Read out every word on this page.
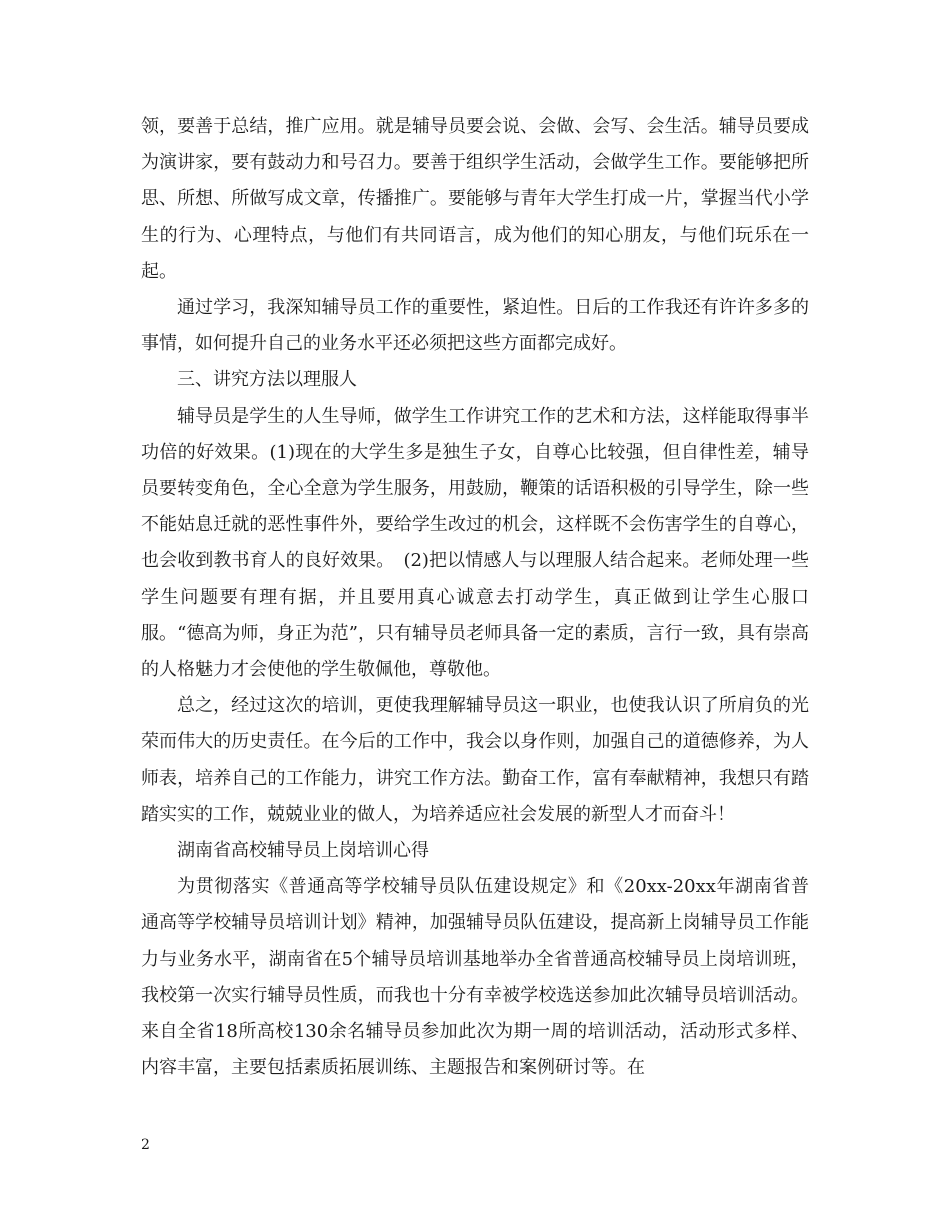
领，要善于总结，推广应用。就是辅导员要会说、会做、会写、会生活。辅导员要成为演讲家，要有鼓动力和号召力。要善于组织学生活动，会做学生工作。要能够把所思、所想、所做写成文章，传播推广。要能够与青年大学生打成一片，掌握当代小学生的行为、心理特点，与他们有共同语言，成为他们的知心朋友，与他们玩乐在一起。

通过学习，我深知辅导员工作的重要性，紧迫性。日后的工作我还有许许多多的事情，如何提升自己的业务水平还必须把这些方面都完成好。

三、讲究方法以理服人

辅导员是学生的人生导师，做学生工作讲究工作的艺术和方法，这样能取得事半功倍的好效果。(1)现在的大学生多是独生子女，自尊心比较强，但自律性差，辅导员要转变角色，全心全意为学生服务，用鼓励，鞭策的话语积极的引导学生，除一些不能姑息迁就的恶性事件外，要给学生改过的机会，这样既不会伤害学生的自尊心，也会收到教书育人的良好效果。　(2)把以情感人与以理服人结合起来。老师处理一些学生问题要有理有据，并且要用真心诚意去打动学生，真正做到让学生心服口服。“德高为师，身正为范”，只有辅导员老师具备一定的素质，言行一致，具有崇高的人格魅力才会使他的学生敬佩他，尊敬他。

总之，经过这次的培训，更使我理解辅导员这一职业，也使我认识了所肩负的光荣而伟大的历史责任。在今后的工作中，我会以身作则，加强自己的道德修养，为人师表，培养自己的工作能力，讲究工作方法。勤奋工作，富有奉献精神，我想只有踏踏实实的工作，兢兢业业的做人，为培养适应社会发展的新型人才而奋斗！

湖南省高校辅导员上岗培训心得

为贯彻落实《普通高等学校辅导员队伍建设规定》和《20xx-20xx年湖南省普通高等学校辅导员培训计划》精神，加强辅导员队伍建设，提高新上岗辅导员工作能力与业务水平，湖南省在5个辅导员培训基地举办全省普通高校辅导员上岗培训班，我校第一次实行辅导员性质，而我也十分有幸被学校选送参加此次辅导员培训活动。来自全省18所高校130余名辅导员参加此次为期一周的培训活动，活动形式多样、内容丰富，主要包括素质拓展训练、主题报告和案例研讨等。在

2
